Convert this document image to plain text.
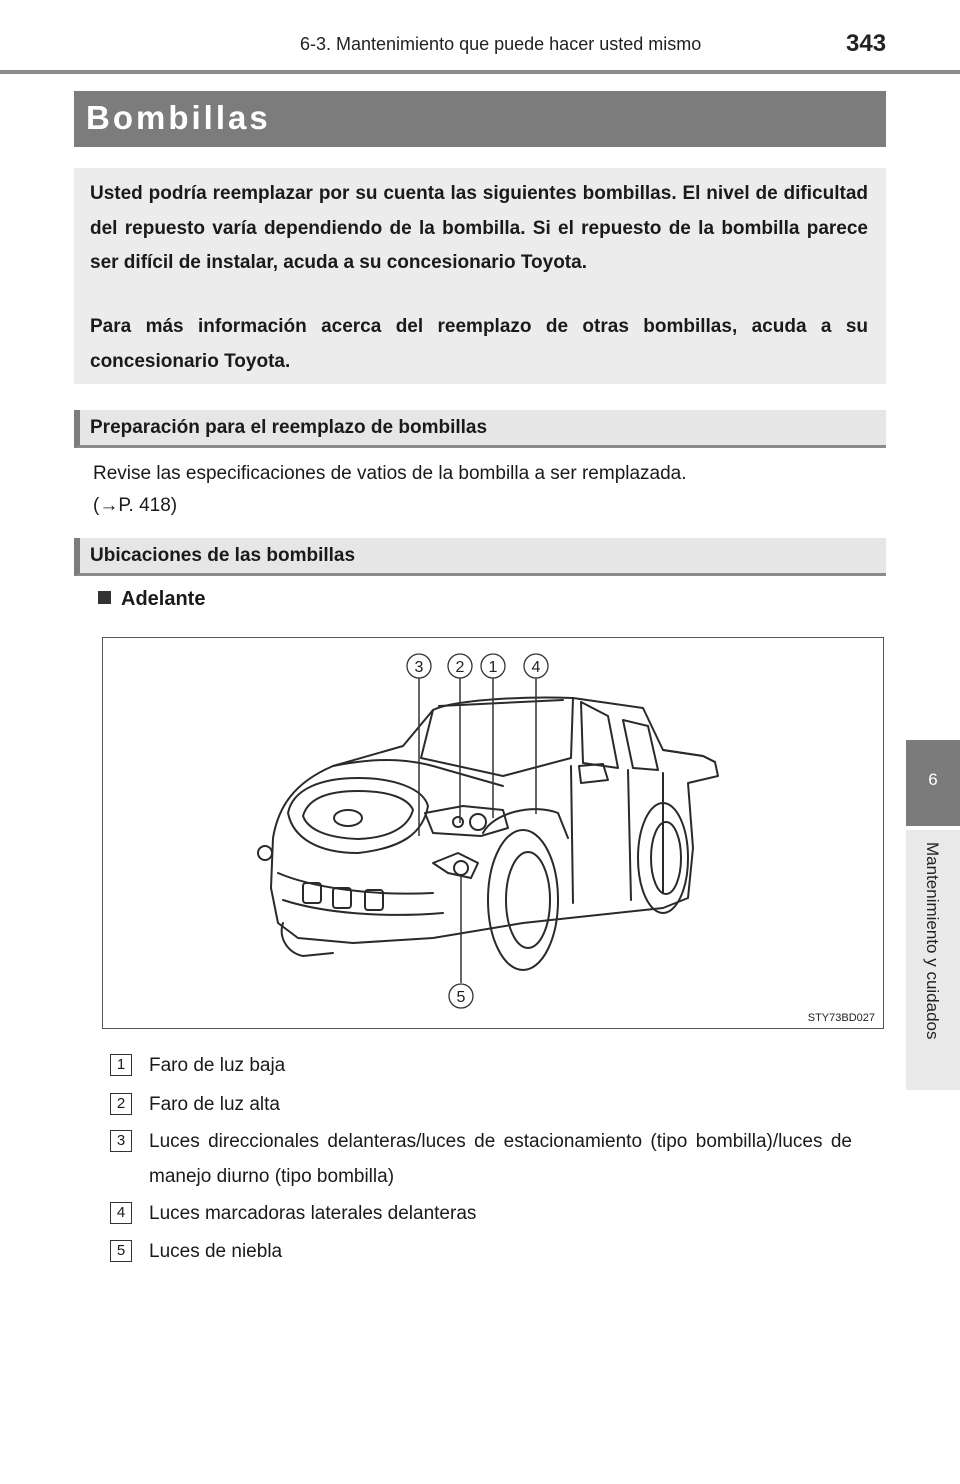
6-3. Mantenimiento que puede hacer usted mismo	343
6
Mantenimiento y cuidados
Bombillas

Usted podría reemplazar por su cuenta las siguientes bombillas. El nivel de dificultad del repuesto varía dependiendo de la bombilla. Si el repuesto de la bombilla parece ser difícil de instalar, acuda a su concesionario Toyota.

Para más información acerca del reemplazo de otras bombillas, acuda a su concesionario Toyota.

Preparación para el reemplazo de bombillas
Revise las especificaciones de vatios de la bombilla a ser remplazada.
(→P. 418)
Ubicaciones de las bombillas
Adelante
3 2 1 4
5
STY73BD027
1	Faro de luz baja
2	Faro de luz alta
3	Luces direccionales delanteras/luces de estacionamiento (tipo bombilla)/luces de manejo diurno (tipo bombilla)
4	Luces marcadoras laterales delanteras
5	Luces de niebla
